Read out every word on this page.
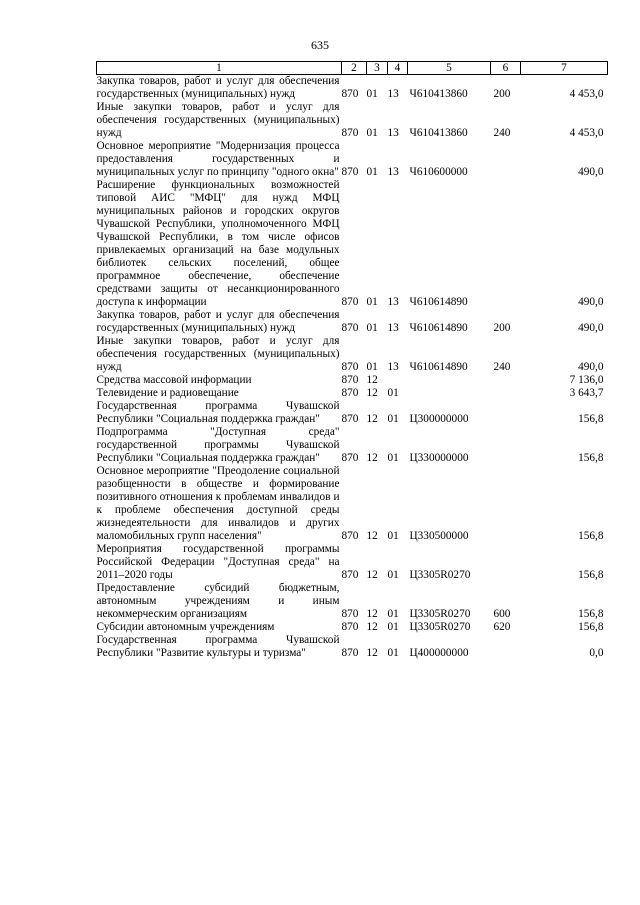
635
1	2	3	4	5	6	7
Закупка товаров, работ и услуг для обеспечения государственных (муниципальных) нужд	870	01	13	Ч610413860	200	4 453,0
Иные закупки товаров, работ и услуг для обеспечения государственных (муниципальных) нужд	870	01	13	Ч610413860	240	4 453,0
Основное мероприятие "Модернизация процесса предоставления государственных и муниципальных услуг по принципу "одного окна"	870	01	13	Ч610600000		490,0
Расширение функциональных возможностей типовой АИС "МФЦ" для нужд МФЦ муниципальных районов и городских округов Чувашской Республики, уполномоченного МФЦ Чувашской Республики, в том числе офисов привлекаемых организаций на базе модульных библиотек сельских поселений, общее программное обеспечение, обеспечение средствами защиты от несанкционированного доступа к информации	870	01	13	Ч610614890		490,0
Закупка товаров, работ и услуг для обеспечения государственных (муниципальных) нужд	870	01	13	Ч610614890	200	490,0
Иные закупки товаров, работ и услуг для обеспечения государственных (муниципальных) нужд	870	01	13	Ч610614890	240	490,0
Средства массовой информации	870	12				7 136,0
Телевидение и радиовещание	870	12	01			3 643,7
Государственная программа Чувашской Республики "Социальная поддержка граждан"	870	12	01	Ц300000000		156,8
Подпрограмма "Доступная среда" государственной программы Чувашской Республики "Социальная поддержка граждан"	870	12	01	Ц330000000		156,8
Основное мероприятие "Преодоление социальной разобщенности в обществе и формирование позитивного отношения к проблемам инвалидов и к проблеме обеспечения доступной среды жизнедеятельности для инвалидов и других маломобильных групп населения"	870	12	01	Ц330500000		156,8
Мероприятия государственной программы Российской Федерации "Доступная среда" на 2011–2020 годы	870	12	01	Ц3305R0270		156,8
Предоставление субсидий бюджетным, автономным учреждениям и иным некоммерческим организациям	870	12	01	Ц3305R0270	600	156,8
Субсидии автономным учреждениям	870	12	01	Ц3305R0270	620	156,8
Государственная программа Чувашской Республики "Развитие культуры и туризма"	870	12	01	Ц400000000		0,0
